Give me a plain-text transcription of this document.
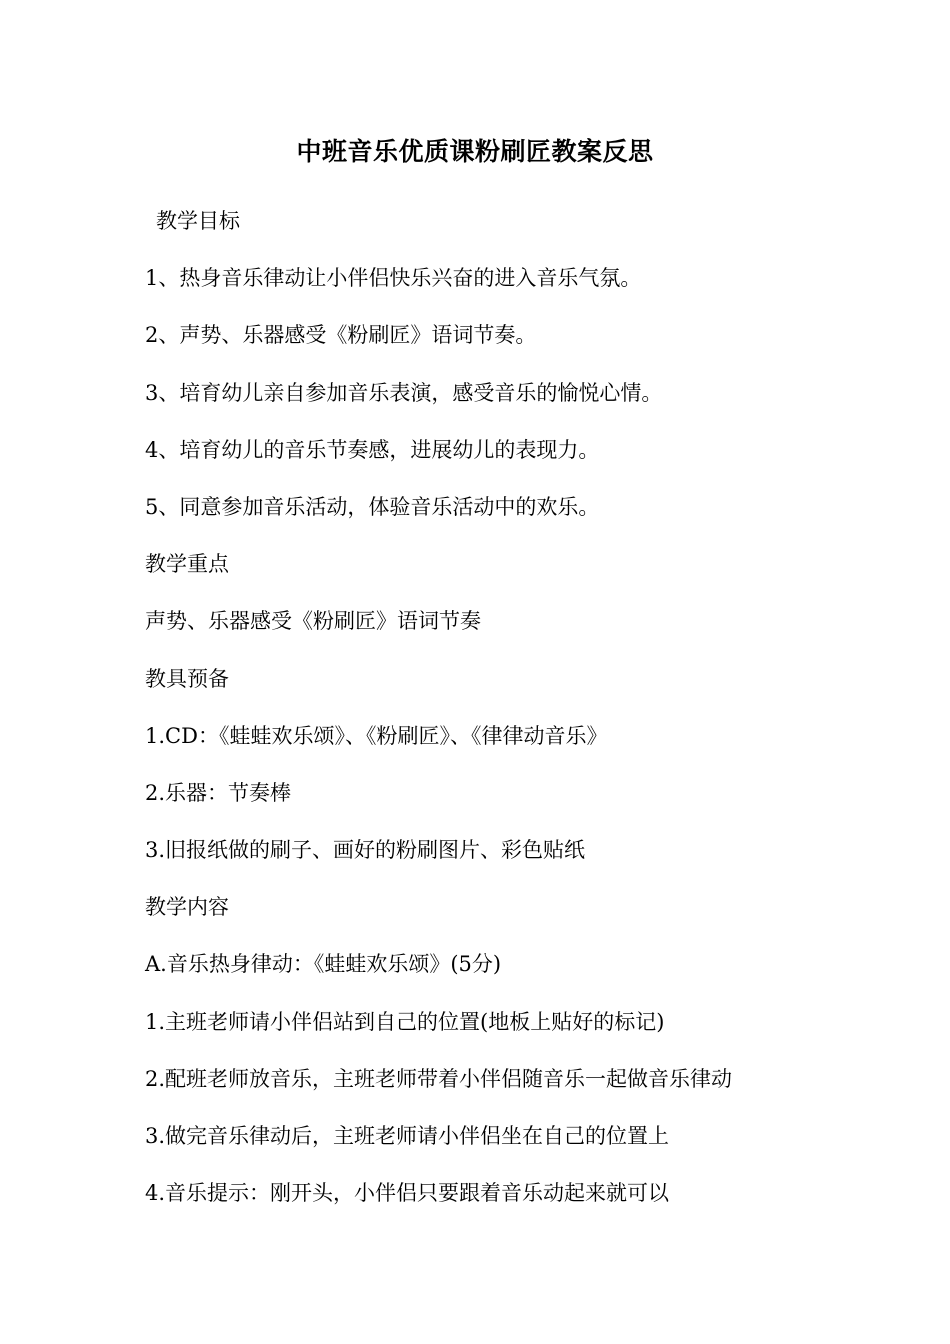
中班音乐优质课粉刷匠教案反思
教学目标
1、热身音乐律动让小伴侣快乐兴奋的进入音乐气氛。
2、声势、乐器感受《粉刷匠》语词节奏。
3、培育幼儿亲自参加音乐表演，感受音乐的愉悦心情。
4、培育幼儿的音乐节奏感，进展幼儿的表现力。
5、同意参加音乐活动，体验音乐活动中的欢乐。
教学重点
声势、乐器感受《粉刷匠》语词节奏
教具预备
1.CD：《蛙蛙欢乐颂》、《粉刷匠》、《律律动音乐》
2.乐器：节奏棒
3.旧报纸做的刷子、画好的粉刷图片、彩色贴纸
教学内容
A.音乐热身律动：《蛙蛙欢乐颂》(5分)
1.主班老师请小伴侣站到自己的位置(地板上贴好的标记)
2.配班老师放音乐，主班老师带着小伴侣随音乐一起做音乐律动
3.做完音乐律动后，主班老师请小伴侣坐在自己的位置上
4.音乐提示：刚开头，小伴侣只要跟着音乐动起来就可以
